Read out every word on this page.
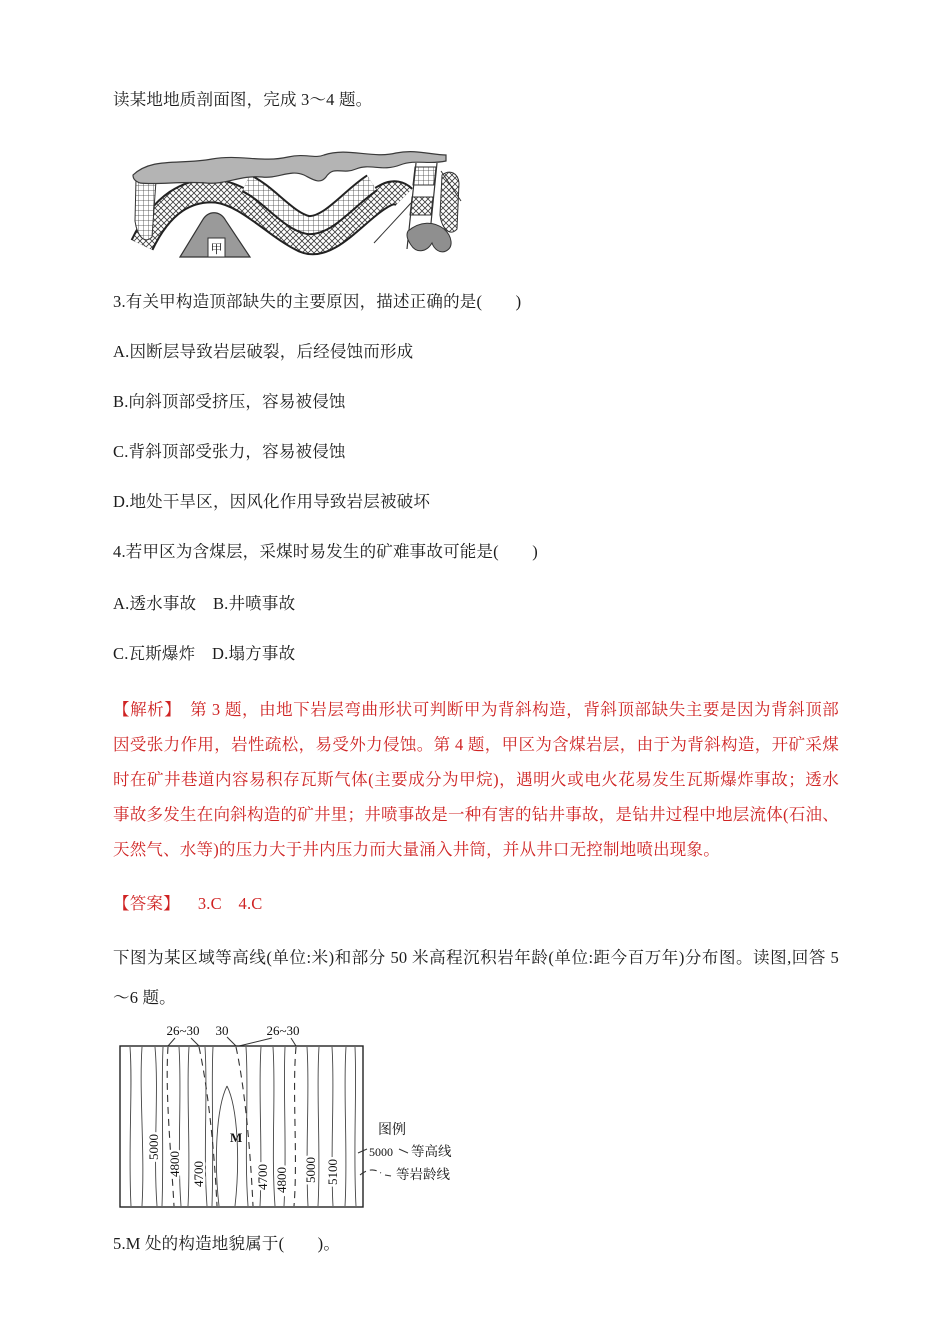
读某地地质剖面图，完成 3～4 题。
甲
3.有关甲构造顶部缺失的主要原因，描述正确的是(　　)
A.因断层导致岩层破裂，后经侵蚀而形成
B.向斜顶部受挤压，容易被侵蚀
C.背斜顶部受张力，容易被侵蚀
D.地处干旱区，因风化作用导致岩层被破坏
4.若甲区为含煤层，采煤时易发生的矿难事故可能是(　　)
A.透水事故　B.井喷事故
C.瓦斯爆炸　D.塌方事故
【解析】　第 3 题，由地下岩层弯曲形状可判断甲为背斜构造，背斜顶部缺失主要是因为背斜顶部因受张力作用，岩性疏松，易受外力侵蚀。第 4 题，甲区为含煤岩层，由于为背斜构造，开矿采煤时在矿井巷道内容易积存瓦斯气体(主要成分为甲烷)，遇明火或电火花易发生瓦斯爆炸事故；透水事故多发生在向斜构造的矿井里；井喷事故是一种有害的钻井事故，是钻井过程中地层流体(石油、天然气、水等)的压力大于井内压力而大量涌入井筒，并从井口无控制地喷出现象。
【答案】 3.C　4.C
下图为某区域等高线(单位:米)和部分 50 米高程沉积岩年龄(单位:距今百万年)分布图。读图,回答 5～6 题。
26~30 30	26~30
5000
4800 4700	4700 4800 5000 5100
M	图例
5000 等高线
等岩龄线
5.M 处的构造地貌属于(　　)。
